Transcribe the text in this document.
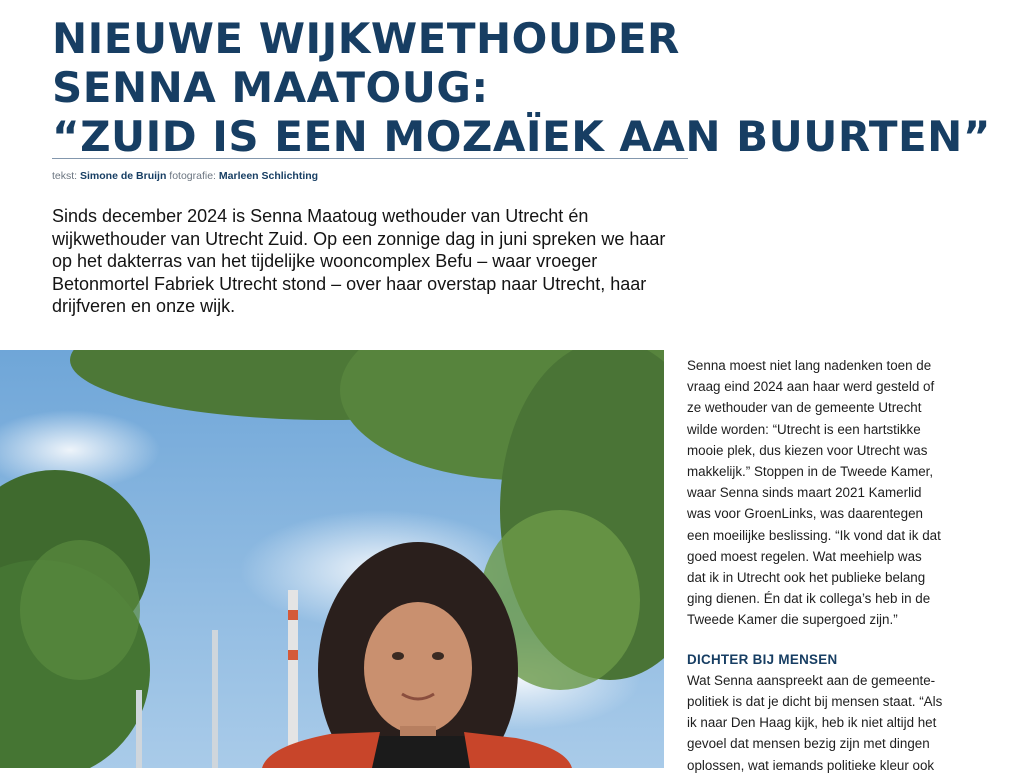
NIEUWE WIJKWETHOUDER
SENNA MAATOUG:
“ZUID IS EEN MOZAÏEK AAN BUURTEN”
tekst: Simone de Bruijn fotografie: Marleen Schlichting

Sinds december 2024 is Senna Maatoug wethouder van Utrecht én wijkwethouder van Utrecht Zuid. Op een zonnige dag in juni spreken we haar op het dakterras van het tijdelijke wooncomplex Befu – waar vroeger Betonmortel Fabriek Utrecht stond – over haar overstap naar Utrecht, haar drijfveren en onze wijk.

Senna moest niet lang nadenken toen de
vraag eind 2024 aan haar werd gesteld of
ze wethouder van de gemeente Utrecht
wilde worden: “Utrecht is een hartstikke
mooie plek, dus kiezen voor Utrecht was
makkelijk.” Stoppen in de Tweede Kamer,
waar Senna sinds maart 2021 Kamerlid
was voor GroenLinks, was daarentegen
een moeilijke beslissing. “Ik vond dat ik dat
goed moest regelen. Wat meehielp was
dat ik in Utrecht ook het publieke belang
ging dienen. Én dat ik collega’s heb in de
Tweede Kamer die supergoed zijn.”

DICHTER BIJ MENSEN

Wat Senna aanspreekt aan de gemeente-
politiek is dat je dicht bij mensen staat. “Als
ik naar Den Haag kijk, heb ik niet altijd het
gevoel dat mensen bezig zijn met dingen
oplossen, wat iemands politieke kleur ook
